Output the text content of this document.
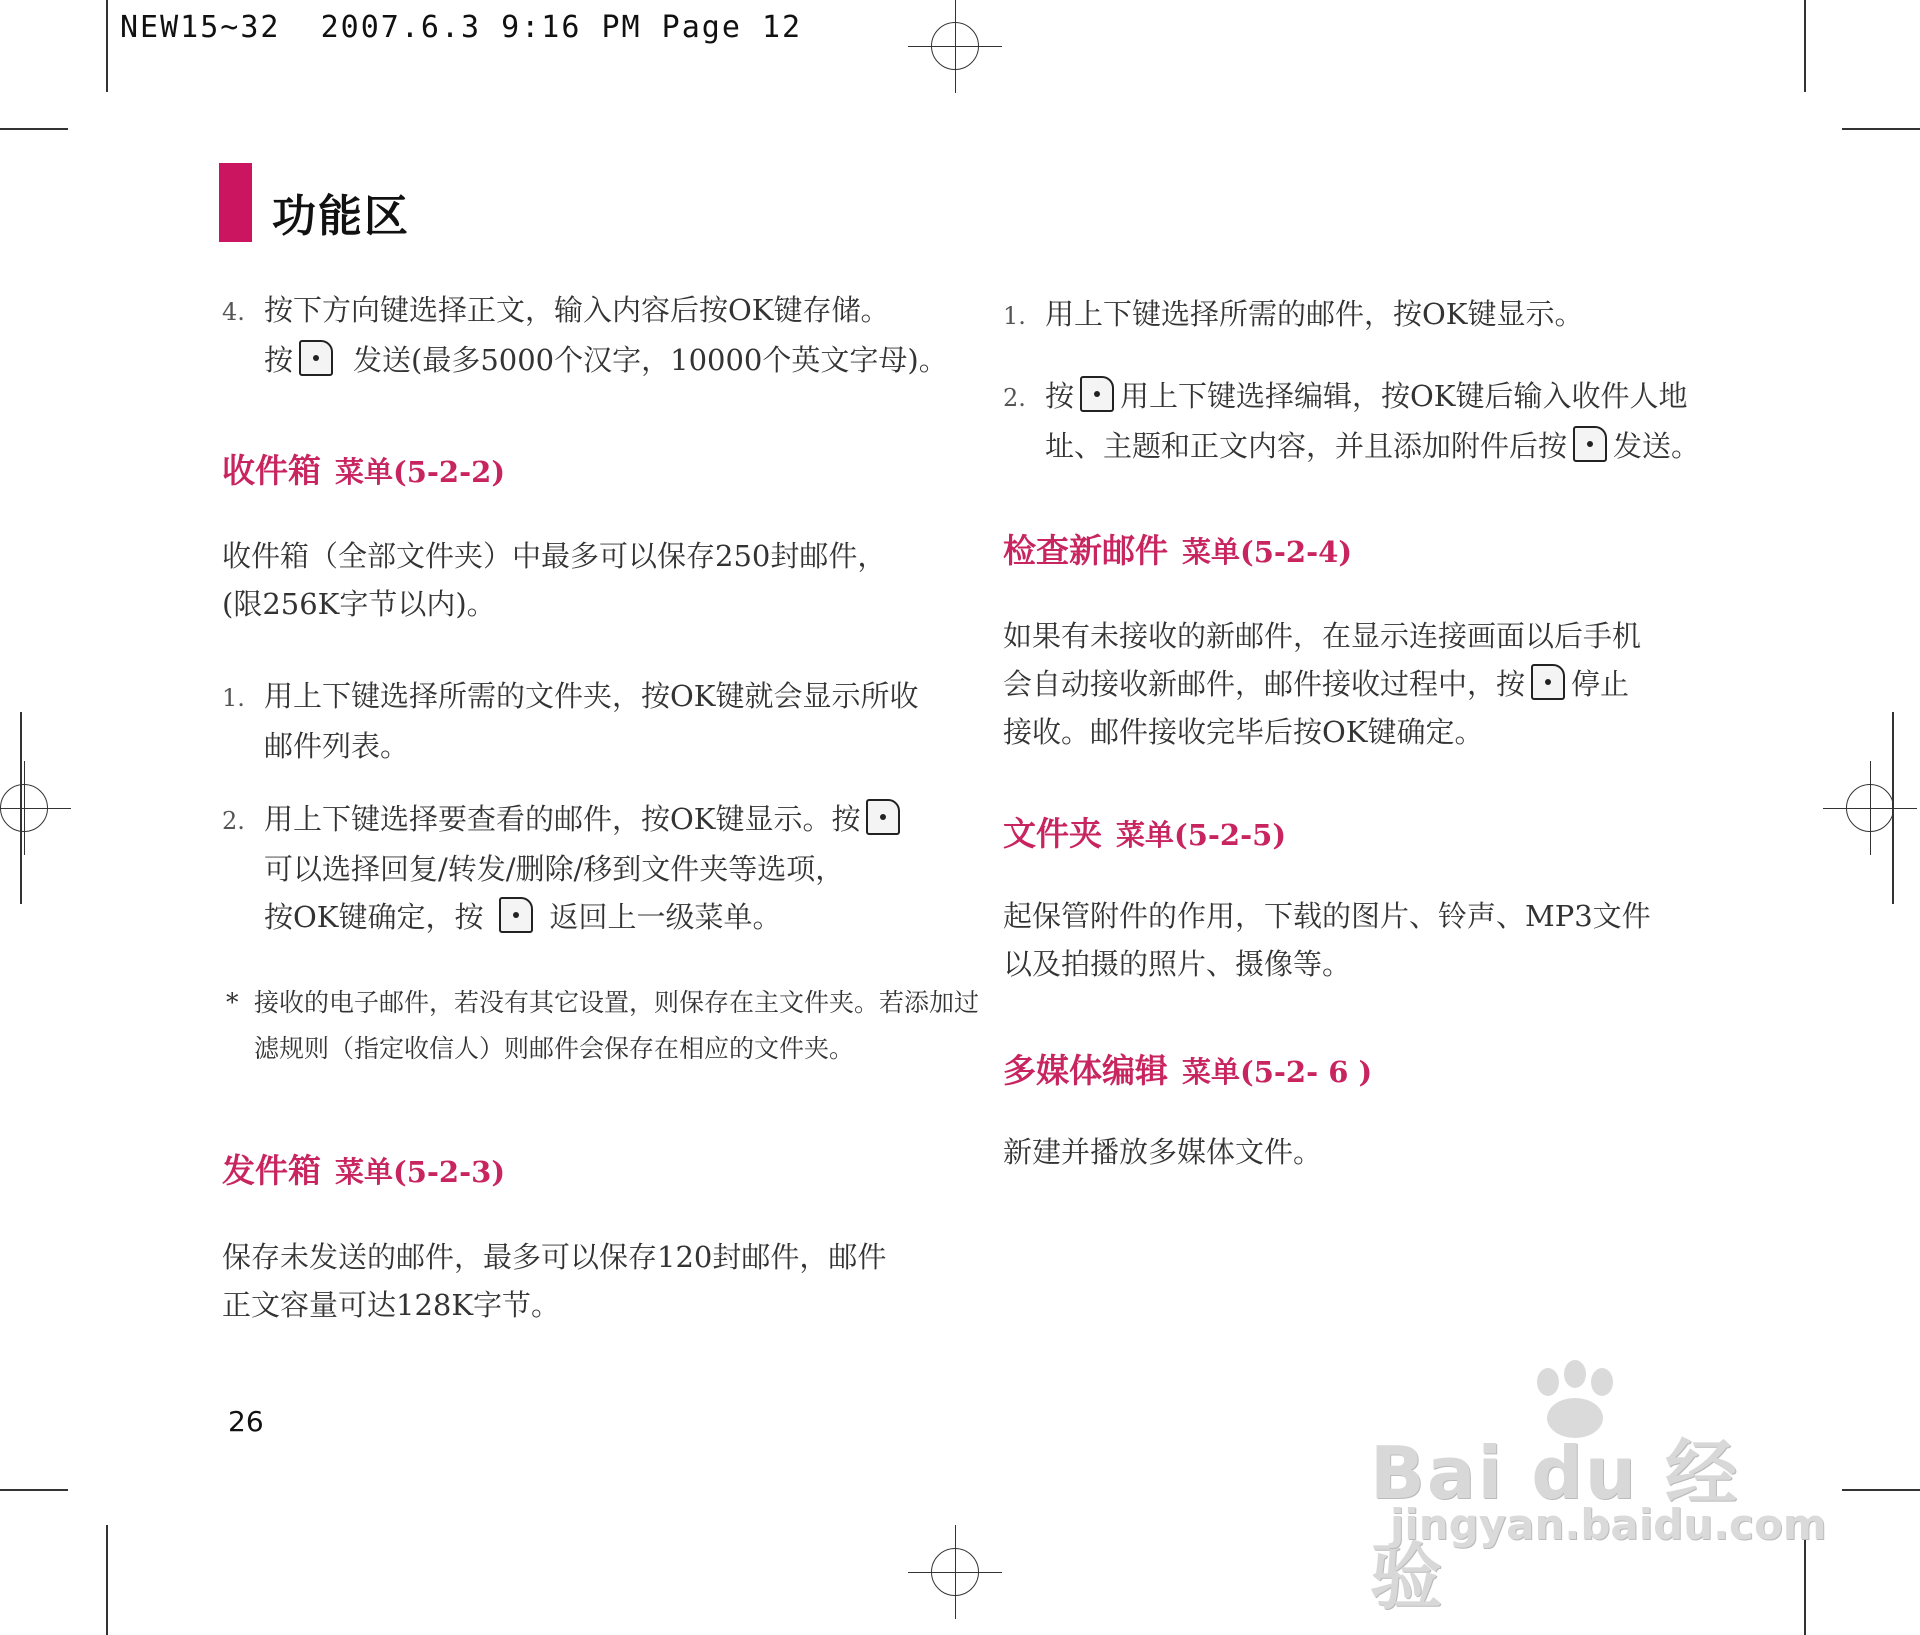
NEW15~32  2007.6.3 9:16 PM Page 12
功能区
4. 按下方向键选择正文，输入内容后按OK键存储。
按 发送(最多5000个汉字，10000个英文字母)。
收件箱 菜单(5-2-2)
收件箱（全部文件夹）中最多可以保存250封邮件，
(限256K字节以内)。
1. 用上下键选择所需的文件夹，按OK键就会显示所收
邮件列表。
2. 用上下键选择要查看的邮件，按OK键显示。按
可以选择回复/转发/删除/移到文件夹等选项，
按OK键确定，按 返回上一级菜单。
* 接收的电子邮件，若没有其它设置，则保存在主文件夹。若添加过
滤规则（指定收信人）则邮件会保存在相应的文件夹。
发件箱 菜单(5-2-3)
保存未发送的邮件，最多可以保存120封邮件，邮件
正文容量可达128K字节。
1. 用上下键选择所需的邮件，按OK键显示。
2. 按 用上下键选择编辑，按OK键后输入收件人地
址、主题和正文内容，并且添加附件后按 发送。
检查新邮件 菜单(5-2-4)
如果有未接收的新邮件，在显示连接画面以后手机
会自动接收新邮件，邮件接收过程中，按 停止
接收。邮件接收完毕后按OK键确定。
文件夹 菜单(5-2-5)
起保管附件的作用，下载的图片、铃声、MP3文件
以及拍摄的照片、摄像等。
多媒体编辑 菜单(5-2- 6 )
新建并播放多媒体文件。
26
Bai du 经验
jingyan.baidu.com
